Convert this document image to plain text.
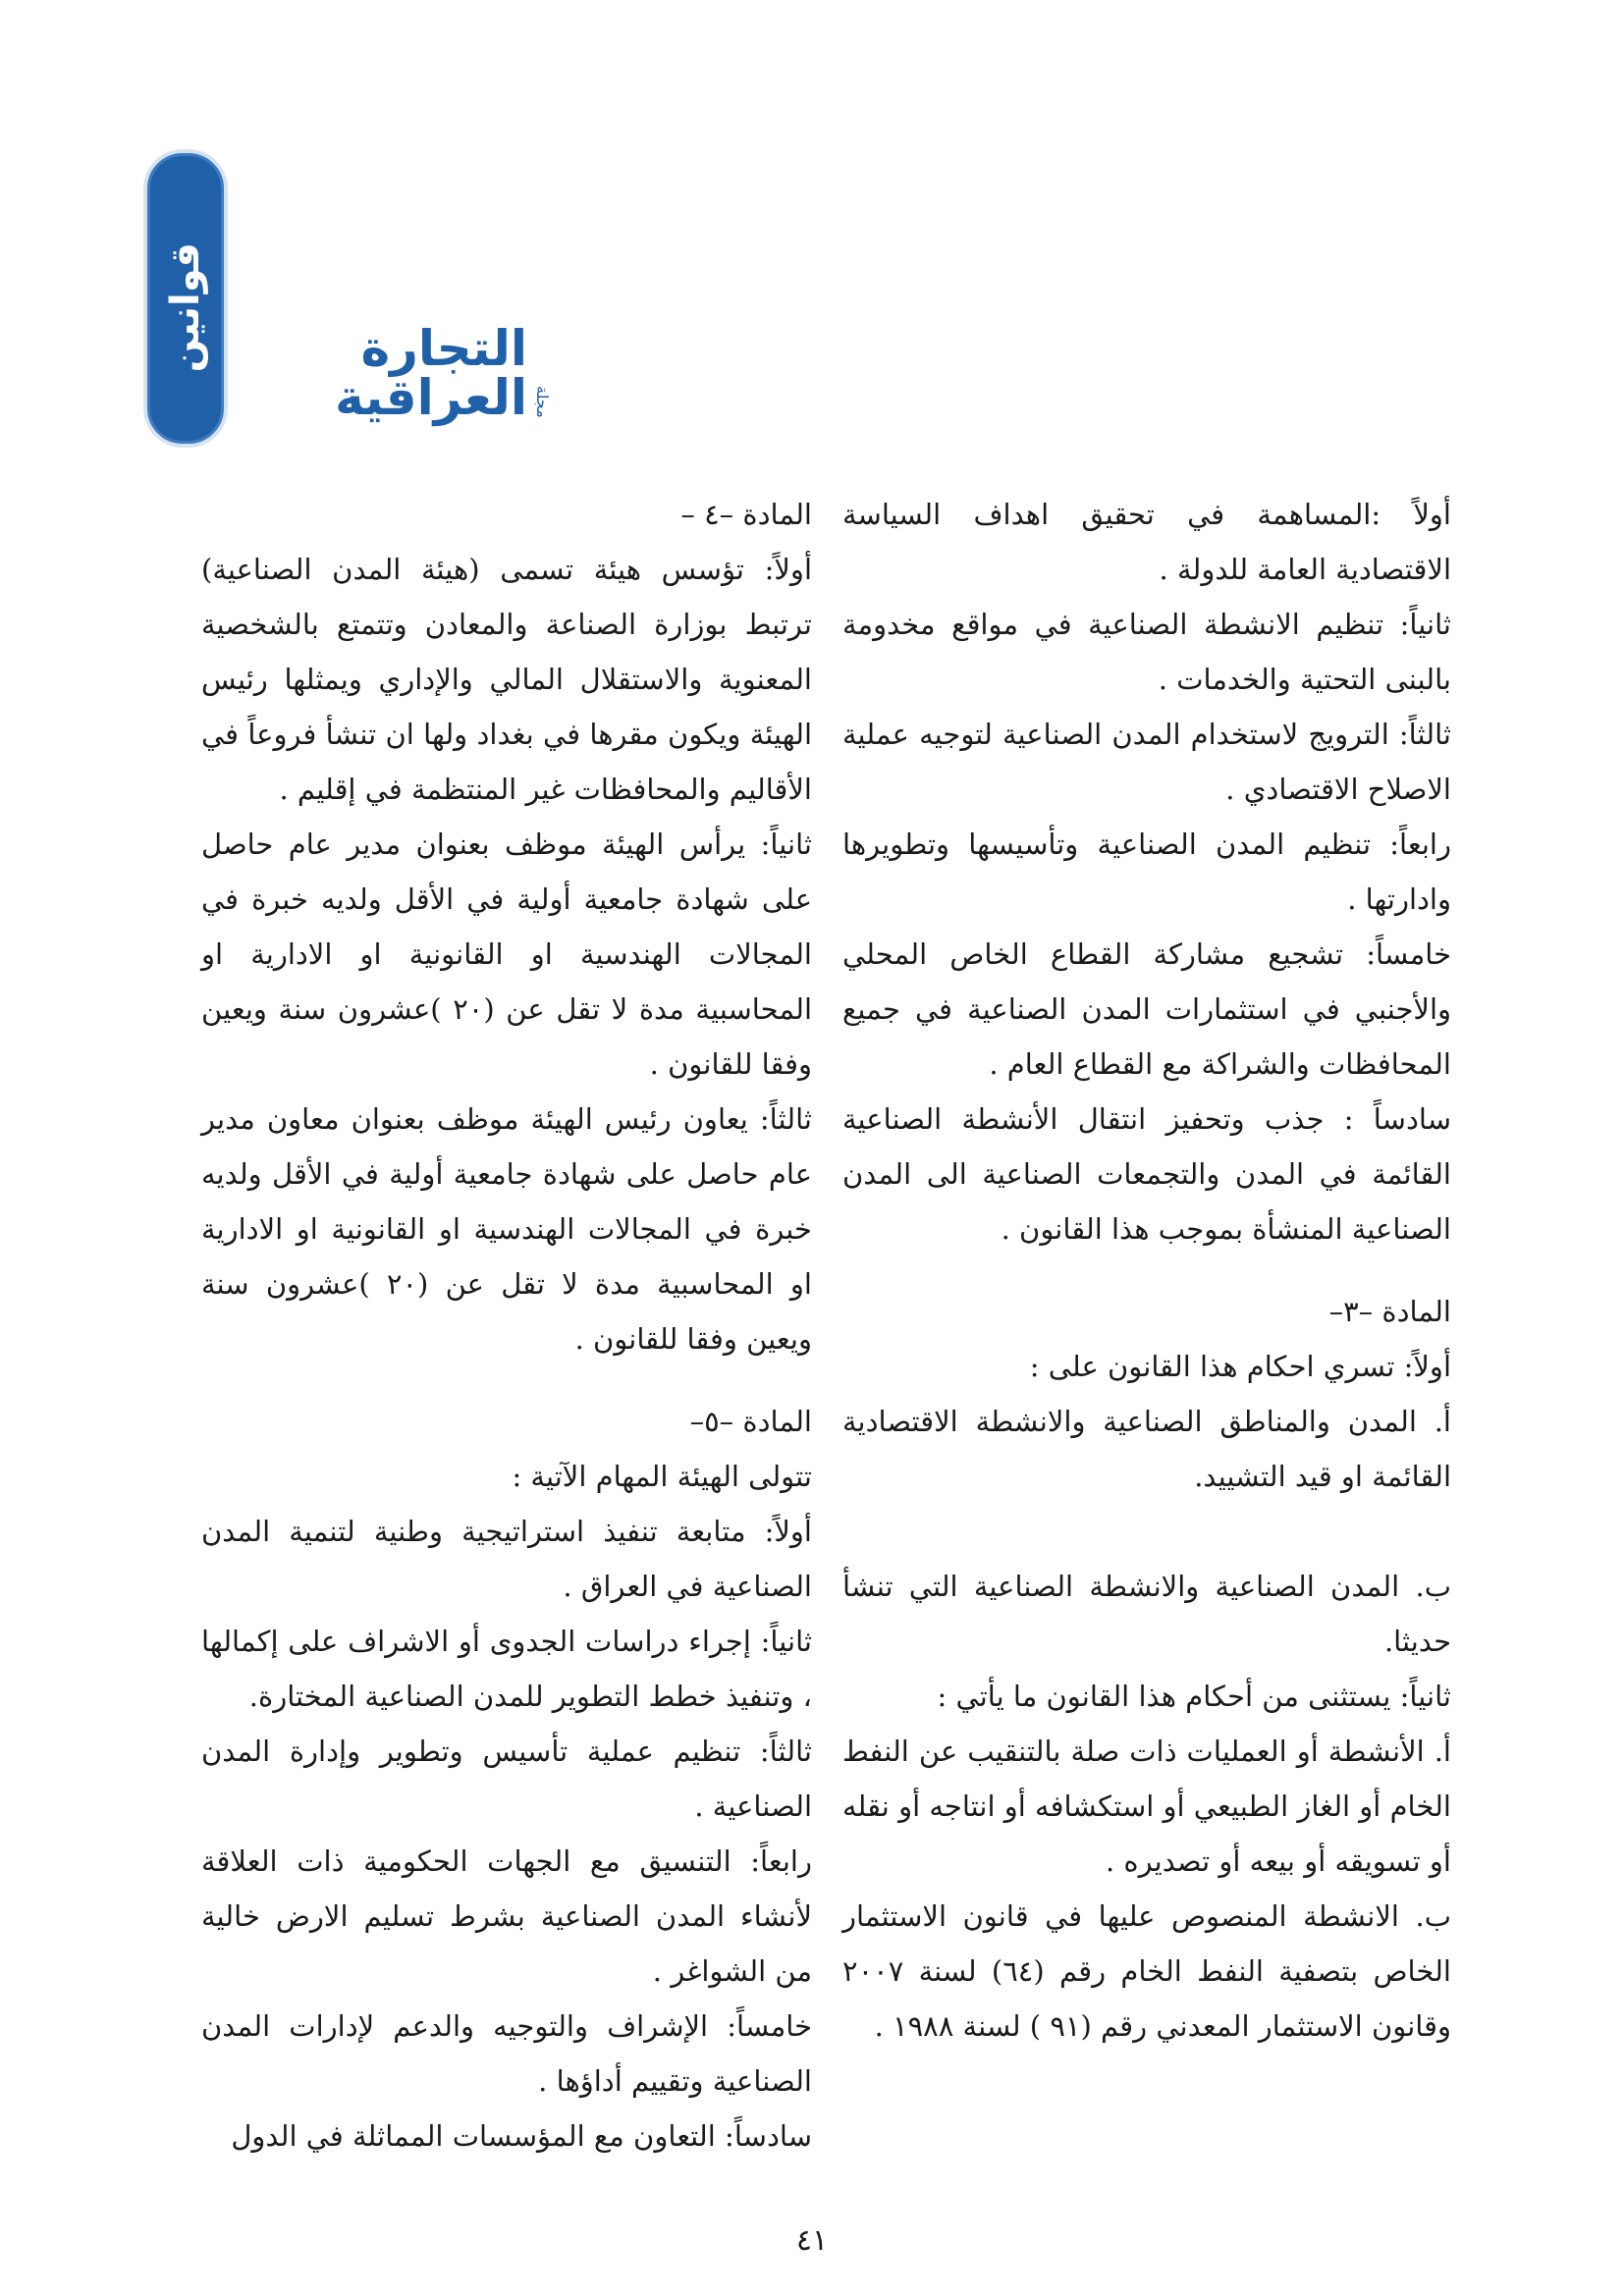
قوانين
مجلة
التجارة العراقية

أولاً :المساهمة في تحقيق اهداف السياسة الاقتصادية العامة للدولة .

ثانياً: تنظيم الانشطة الصناعية في مواقع مخدومة بالبنى التحتية والخدمات .

ثالثاً: الترويج لاستخدام المدن الصناعية لتوجيه عملية الاصلاح الاقتصادي .

رابعاً: تنظيم المدن الصناعية وتأسيسها وتطويرها وادارتها .

خامساً: تشجيع مشاركة القطاع الخاص المحلي والأجنبي في استثمارات المدن الصناعية في جميع المحافظات والشراكة مع القطاع العام .

سادساً : جذب وتحفيز انتقال الأنشطة الصناعية القائمة في المدن والتجمعات الصناعية الى المدن الصناعية المنشأة بموجب هذا القانون .

المادة –٣–

أولاً: تسري احكام هذا القانون على :

أ. المدن والمناطق الصناعية والانشطة الاقتصادية القائمة او قيد التشييد.

ب. المدن الصناعية والانشطة الصناعية التي تنشأ حديثا.

ثانياً: يستثنى من أحكام هذا القانون ما يأتي :

أ. الأنشطة أو العمليات ذات صلة بالتنقيب عن النفط الخام أو الغاز الطبيعي أو استكشافه أو انتاجه أو نقله أو تسويقه أو بيعه أو تصديره .

ب. الانشطة المنصوص عليها في قانون الاستثمار الخاص بتصفية النفط الخام رقم (٦٤) لسنة ٢٠٠٧ وقانون الاستثمار المعدني رقم (٩١ ) لسنة ١٩٨٨ .

المادة –٤ –

أولاً: تؤسس هيئة تسمى (هيئة المدن الصناعية) ترتبط بوزارة الصناعة والمعادن وتتمتع بالشخصية المعنوية والاستقلال المالي والإداري ويمثلها رئيس الهيئة ويكون مقرها في بغداد ولها ان تنشأ فروعاً في الأقاليم والمحافظات غير المنتظمة في إقليم .

ثانياً: يرأس الهيئة موظف بعنوان مدير عام حاصل على شهادة جامعية أولية في الأقل ولديه خبرة في المجالات الهندسية او القانونية او الادارية او المحاسبية مدة لا تقل عن (٢٠ )عشرون سنة ويعين وفقا للقانون .

ثالثاً: يعاون رئيس الهيئة موظف بعنوان معاون مدير عام حاصل على شهادة جامعية أولية في الأقل ولديه خبرة في المجالات الهندسية او القانونية او الادارية او المحاسبية مدة لا تقل عن (٢٠ )عشرون سنة ويعين وفقا للقانون .

المادة –٥–

تتولى الهيئة المهام الآتية :

أولاً: متابعة تنفيذ استراتيجية وطنية لتنمية المدن الصناعية في العراق .

ثانياً: إجراء دراسات الجدوى أو الاشراف على إكمالها ، وتنفيذ خطط التطوير للمدن الصناعية المختارة.

ثالثاً: تنظيم عملية تأسيس وتطوير وإدارة المدن الصناعية .

رابعاً: التنسيق مع الجهات الحكومية ذات العلاقة لأنشاء المدن الصناعية بشرط تسليم الارض خالية من الشواغر .

خامساً: الإشراف والتوجيه والدعم لإدارات المدن الصناعية وتقييم أداؤها .

سادساً: التعاون مع المؤسسات المماثلة في الدول

٤١
